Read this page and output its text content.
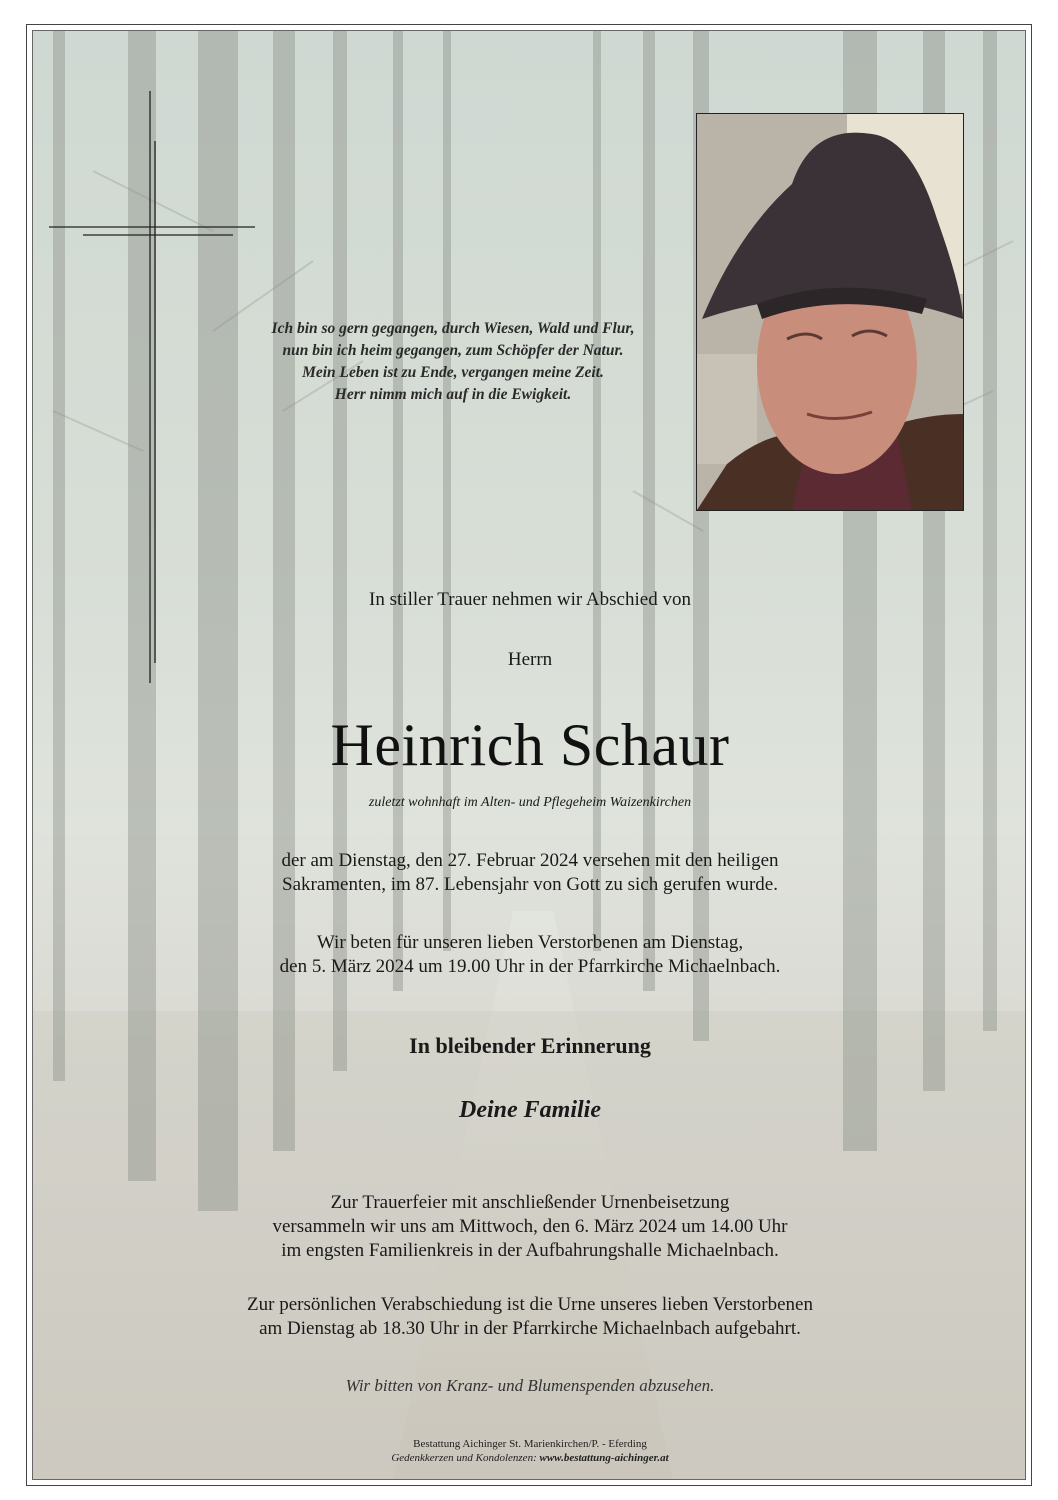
Ich bin so gern gegangen, durch Wiesen, Wald und Flur,
nun bin ich heim gegangen, zum Schöpfer der Natur.
Mein Leben ist zu Ende, vergangen meine Zeit.
Herr nimm mich auf in die Ewigkeit.
In stiller Trauer nehmen wir Abschied von
Herrn
Heinrich Schaur
zuletzt wohnhaft im Alten- und Pflegeheim Waizenkirchen
der am Dienstag, den 27. Februar 2024 versehen mit den heiligen
Sakramenten, im 87. Lebensjahr von Gott zu sich gerufen wurde.
Wir beten für unseren lieben Verstorbenen am Dienstag,
den 5. März 2024 um 19.00 Uhr in der Pfarrkirche Michaelnbach.
In bleibender Erinnerung
Deine Familie
Zur Trauerfeier mit anschließender Urnenbeisetzung
versammeln wir uns am Mittwoch, den 6. März 2024 um 14.00 Uhr
im engsten Familienkreis in der Aufbahrungshalle Michaelnbach.
Zur persönlichen Verabschiedung ist die Urne unseres lieben Verstorbenen
am Dienstag ab 18.30 Uhr in der Pfarrkirche Michaelnbach aufgebahrt.
Wir bitten von Kranz- und Blumenspenden abzusehen.
Bestattung Aichinger St. Marienkirchen/P. - Eferding
Gedenkkerzen und Kondolenzen: www.bestattung-aichinger.at
